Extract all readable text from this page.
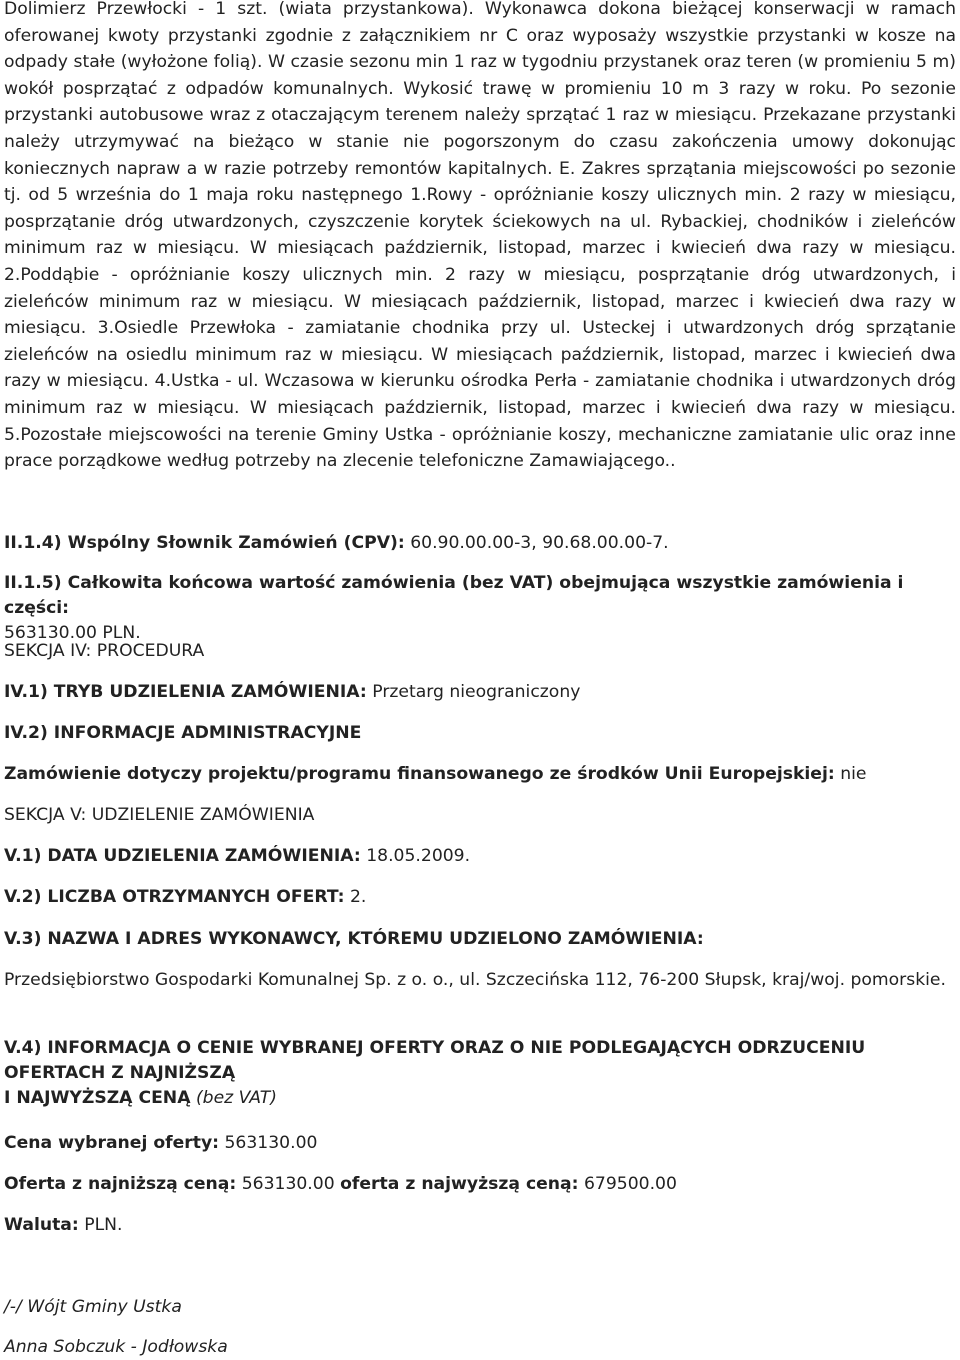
Dolimierz Przewłocki - 1 szt. (wiata przystankowa). Wykonawca dokona bieżącej konserwacji w ramach oferowanej kwoty przystanki zgodnie z załącznikiem nr C oraz wyposaży wszystkie przystanki w kosze na odpady stałe (wyłożone folią). W czasie sezonu min 1 raz w tygodniu przystanek oraz teren (w promieniu 5 m) wokół posprzątać z odpadów komunalnych. Wykosić trawę w promieniu 10 m 3 razy w roku. Po sezonie przystanki autobusowe wraz z otaczającym terenem należy sprzątać 1 raz w miesiącu. Przekazane przystanki należy utrzymywać na bieżąco w stanie nie pogorszonym do czasu zakończenia umowy dokonując koniecznych napraw a w razie potrzeby remontów kapitalnych. E. Zakres sprzątania miejscowości po sezonie tj. od 5 września do 1 maja roku następnego 1.Rowy - opróżnianie koszy ulicznych min. 2 razy w miesiącu, posprzątanie dróg utwardzonych, czyszczenie korytek ściekowych na ul. Rybackiej, chodników i zieleńców minimum raz w miesiącu. W miesiącach październik, listopad, marzec i kwiecień dwa razy w miesiącu. 2.Poddąbie - opróżnianie koszy ulicznych min. 2 razy w miesiącu, posprzątanie dróg utwardzonych, i zieleńców minimum raz w miesiącu. W miesiącach październik, listopad, marzec i kwiecień dwa razy w miesiącu. 3.Osiedle Przewłoka - zamiatanie chodnika przy ul. Usteckej i utwardzonych dróg sprzątanie zieleńców na osiedlu minimum raz w miesiącu. W miesiącach październik, listopad, marzec i kwiecień dwa razy w miesiącu. 4.Ustka - ul. Wczasowa w kierunku ośrodka Perła - zamiatanie chodnika i utwardzonych dróg minimum raz w miesiącu. W miesiącach październik, listopad, marzec i kwiecień dwa razy w miesiącu. 5.Pozostałe miejscowości na terenie Gminy Ustka - opróżnianie koszy, mechaniczne zamiatanie ulic oraz inne prace porządkowe według potrzeby na zlecenie telefoniczne Zamawiającego..

II.1.4) Wspólny Słownik Zamówień (CPV): 60.90.00.00-3, 90.68.00.00-7.

II.1.5) Całkowita końcowa wartość zamówienia (bez VAT) obejmująca wszystkie zamówienia i części:
563130.00 PLN.

SEKCJA IV: PROCEDURA

IV.1) TRYB UDZIELENIA ZAMÓWIENIA: Przetarg nieograniczony

IV.2) INFORMACJE ADMINISTRACYJNE

Zamówienie dotyczy projektu/programu finansowanego ze środków Unii Europejskiej: nie

SEKCJA V: UDZIELENIE ZAMÓWIENIA

V.1) DATA UDZIELENIA ZAMÓWIENIA: 18.05.2009.

V.2) LICZBA OTRZYMANYCH OFERT: 2.

V.3) NAZWA I ADRES WYKONAWCY, KTÓREMU UDZIELONO ZAMÓWIENIA:

Przedsiębiorstwo Gospodarki Komunalnej Sp. z o. o., ul. Szczecińska 112, 76-200 Słupsk, kraj/woj. pomorskie.

V.4) INFORMACJA O CENIE WYBRANEJ OFERTY ORAZ O NIE PODLEGAJĄCYCH ODRZUCENIU OFERTACH Z NAJNIŻSZĄ
I NAJWYŻSZĄ CENĄ (bez VAT)

Cena wybranej oferty: 563130.00

Oferta z najniższą ceną: 563130.00 oferta z najwyższą ceną: 679500.00

Waluta: PLN.

/-/ Wójt Gminy Ustka

Anna Sobczuk - Jodłowska
